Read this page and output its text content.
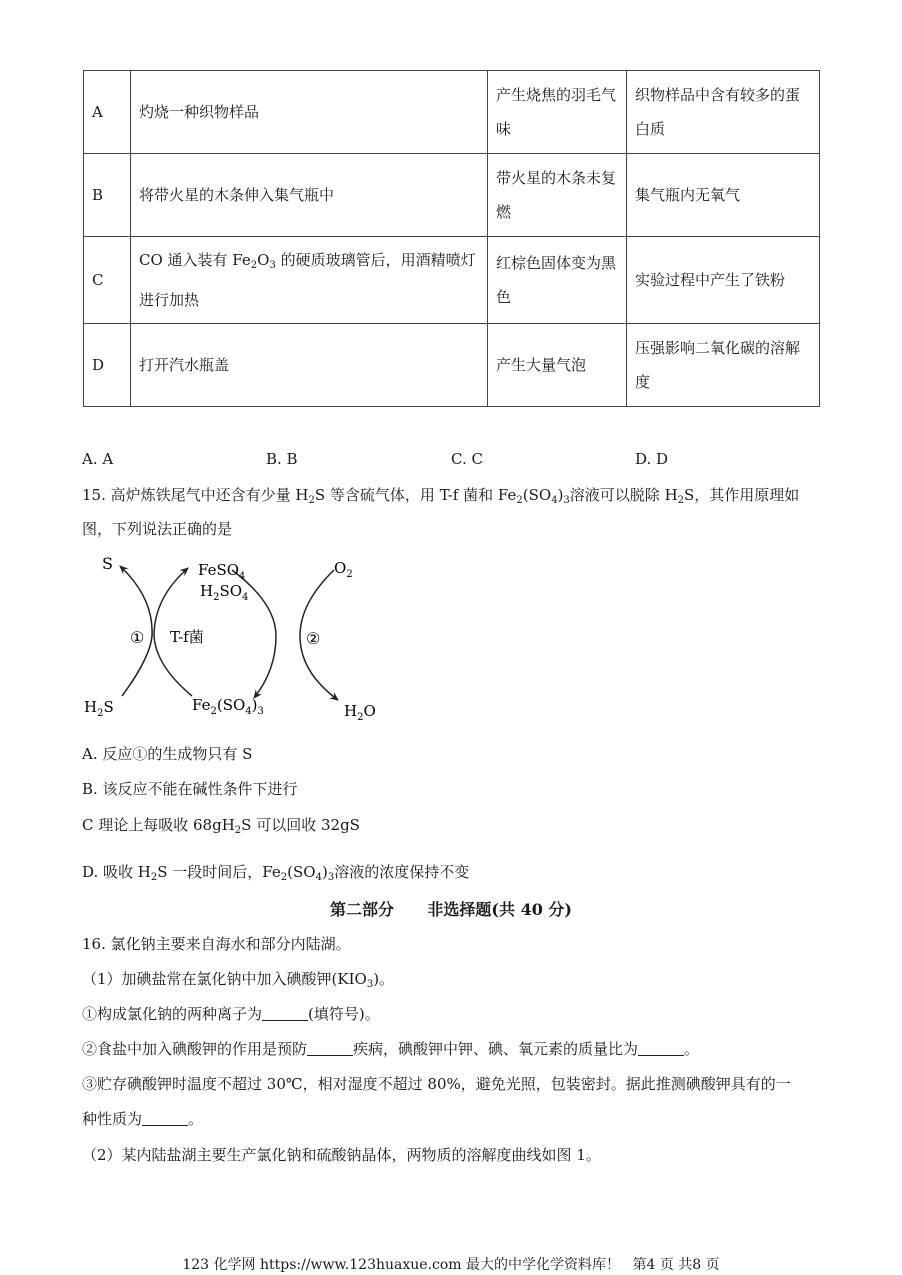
A	灼烧一种织物样品	产生烧焦的羽毛气味	织物样品中含有较多的蛋白质
B	将带火星的木条伸入集气瓶中	带火星的木条未复燃	集气瓶内无氧气
C	CO 通入装有 $Fe_2O_3$ 的硬质玻璃管后，用酒精喷灯进行加热	红棕色固体变为黑色	实验过程中产生了铁粉
D	打开汽水瓶盖	产生大量气泡	压强影响二氧化碳的溶解度
A. A	B. B	C. C	D. D
15. 高炉炼铁尾气中还含有少量 $H_2S$ 等含硫气体，用 T-f 菌和 $Fe_2(SO_4)_3$溶液可以脱除 $H_2S$，其作用原理如
图，下列说法正确的是
S	FeSO$_4$
$H_2SO_4$
$O_2$
① T-f菌	②
$H_2S$	$Fe_2(SO_4)_3$	$H_2O$
A. 反应①的生成物只有 S
B. 该反应不能在碱性条件下进行
C 理论上每吸收 $68gH_2S$ 可以回收 32gS
D. 吸收 $H_2S$ 一段时间后，$Fe_2(SO_4)_3$溶液的浓度保持不变
第二部分      非选择题(共 40 分)
16. 氯化钠主要来自海水和部分内陆湖。
（1）加碘盐常在氯化钠中加入碘酸钾$(KIO_3)$。
①构成氯化钠的两种离子为	(填符号)。
②食盐中加入碘酸钾的作用是预防	疾病，碘酸钾中钾、碘、氧元素的质量比为	。
③贮存碘酸钾时温度不超过 30℃，相对湿度不超过 80%，避免光照，包装密封。据此推测碘酸钾具有的一
种性质为	。
（2）某内陆盐湖主要生产氯化钠和硫酸钠晶体，两物质的溶解度曲线如图 1。
123 化学网 https://www.123huaxue.com 最大的中学化学资料库！ 第4 页 共8 页
